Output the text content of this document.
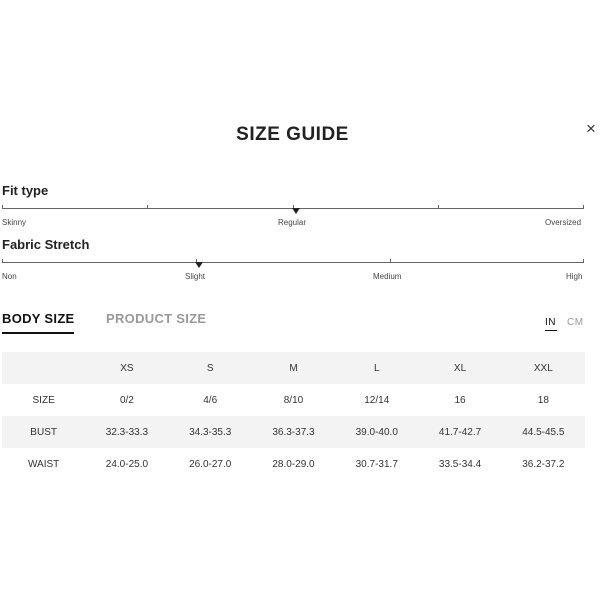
SIZE GUIDE	×
Fit type
Skinny	Regular	Oversized
Fabric Stretch
Non	Slight	Medium	High
BODY SIZE PRODUCT SIZE	IN CM
	XS	S	M	L	XL	XXL
SIZE	0/2	4/6	8/10	12/14	16	18
BUST	32.3-33.3	34.3-35.3	36.3-37.3	39.0-40.0	41.7-42.7	44.5-45.5
WAIST	24.0-25.0	26.0-27.0	28.0-29.0	30.7-31.7	33.5-34.4	36.2-37.2
